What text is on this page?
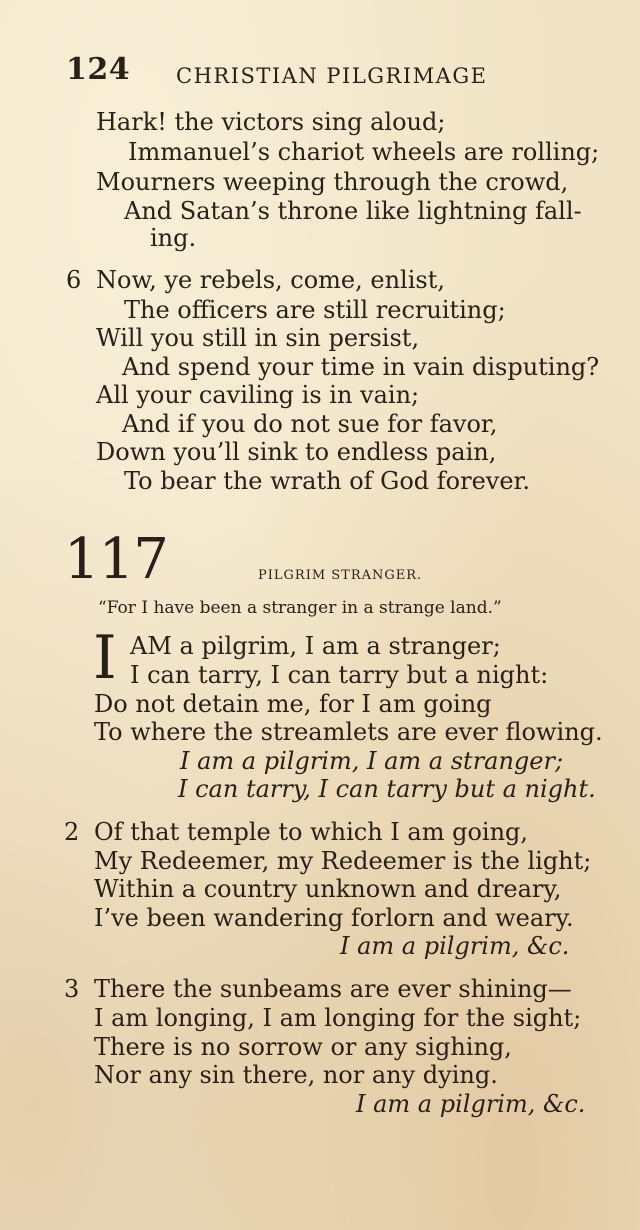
124 CHRISTIAN PILGRIMAGE
Hark! the victors sing aloud;
Immanuel’s chariot wheels are rolling;
Mourners weeping through the crowd,
And Satan’s throne like lightning fall-
ing.
6 Now, ye rebels, come, enlist,
The officers are still recruiting;
Will you still in sin persist,
And spend your time in vain disputing?
All your caviling is in vain;
And if you do not sue for favor,
Down you’ll sink to endless pain,
To bear the wrath of God forever.
117	PILGRIM STRANGER.
“For I have been a stranger in a strange land.”
I AM a pilgrim, I am a stranger;
I can tarry, I can tarry but a night:
Do not detain me, for I am going
To where the streamlets are ever flowing.
I am a pilgrim, I am a stranger;
I can tarry, I can tarry but a night.
2 Of that temple to which I am going,
My Redeemer, my Redeemer is the light;
Within a country unknown and dreary,
I’ve been wandering forlorn and weary.
I am a pilgrim, &c.
3 There the sunbeams are ever shining—
I am longing, I am longing for the sight;
There is no sorrow or any sighing,
Nor any sin there, nor any dying.
I am a pilgrim, &c.
